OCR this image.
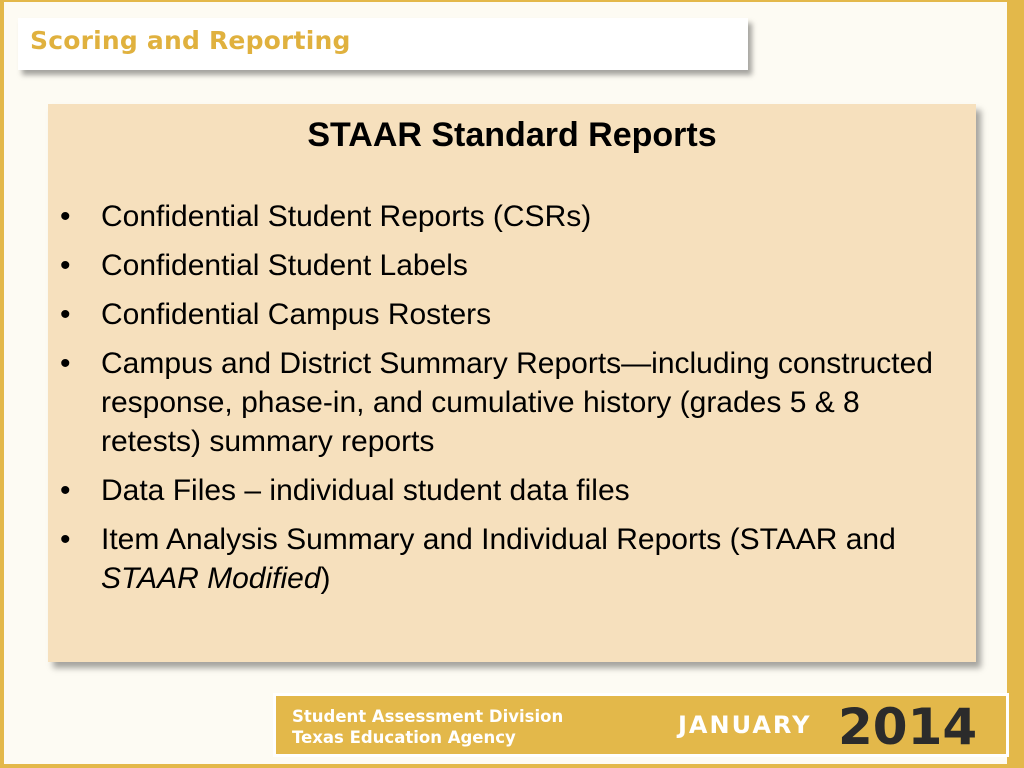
Scoring and Reporting
STAAR Standard Reports
• Confidential Student Reports (CSRs)
• Confidential Student Labels
• Confidential Campus Rosters
• Campus and District Summary Reports—including constructed response, phase-in, and cumulative history (grades 5 & 8 retests) summary reports
• Data Files – individual student data files
• Item Analysis Summary and Individual Reports (STAAR and STAAR Modified)
Student Assessment Division
Texas Education Agency	JANUARY 2014
